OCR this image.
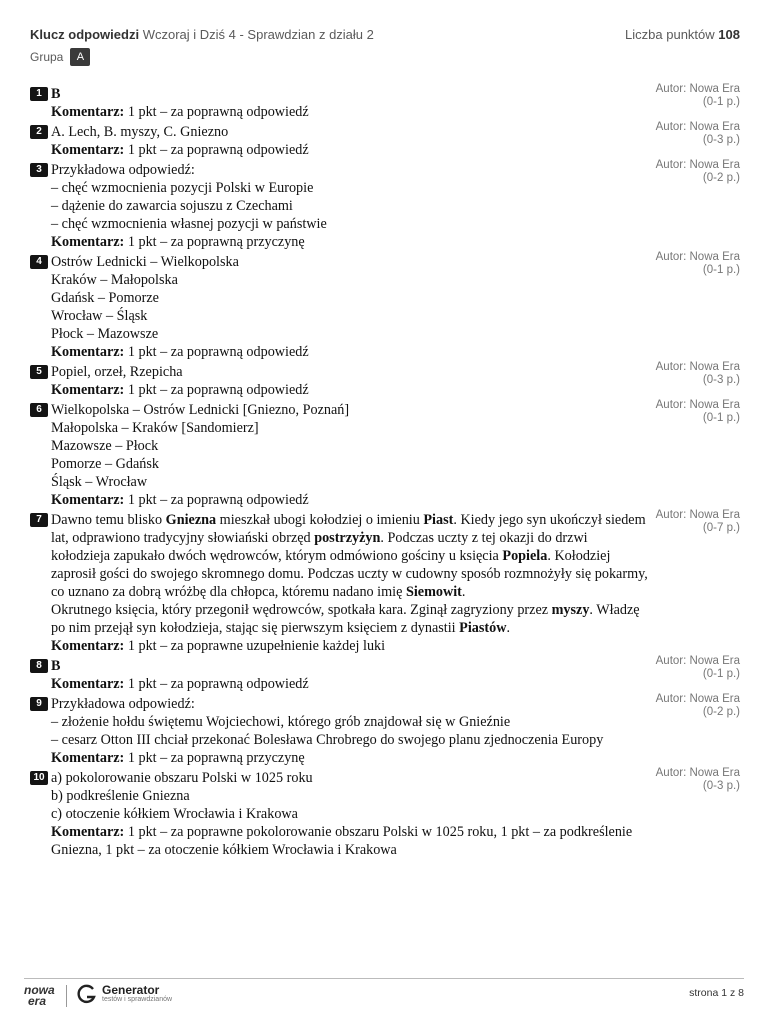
Klucz odpowiedzi Wczoraj i Dziś 4 - Sprawdzian z działu 2	Liczba punktów 108
Grupa	A
1	Autor: Nowa Era
(0-1 p.)
B
Komentarz: 1 pkt – za poprawną odpowiedź
2	Autor: Nowa Era
(0-3 p.)
A. Lech, B. myszy, C. Gniezno
Komentarz: 1 pkt – za poprawną odpowiedź
3	Autor: Nowa Era
(0-2 p.)
Przykładowa odpowiedź:
– chęć wzmocnienia pozycji Polski w Europie
– dążenie do zawarcia sojuszu z Czechami
– chęć wzmocnienia własnej pozycji w państwie
Komentarz: 1 pkt – za poprawną przyczynę
4	Autor: Nowa Era
(0-1 p.)
Ostrów Lednicki – Wielkopolska
Kraków – Małopolska
Gdańsk – Pomorze
Wrocław – Śląsk
Płock – Mazowsze
Komentarz: 1 pkt – za poprawną odpowiedź
5	Autor: Nowa Era
(0-3 p.)
Popiel, orzeł, Rzepicha
Komentarz: 1 pkt – za poprawną odpowiedź
6	Autor: Nowa Era
(0-1 p.)
Wielkopolska – Ostrów Lednicki [Gniezno, Poznań]
Małopolska – Kraków [Sandomierz]
Mazowsze – Płock
Pomorze – Gdańsk
Śląsk – Wrocław
Komentarz: 1 pkt – za poprawną odpowiedź
7	Autor: Nowa Era
(0-7 p.)
Dawno temu blisko Gniezna mieszkał ubogi kołodziej o imieniu Piast. Kiedy jego syn ukończył siedem lat, odprawiono tradycyjny słowiański obrzęd postrzyżyn. Podczas uczty z tej okazji do drzwi kołodzieja zapukało dwóch wędrowców, którym odmówiono gościny u księcia Popiela. Kołodziej zaprosił gości do swojego skromnego domu. Podczas uczty w cudowny sposób rozmnożyły się pokarmy, co uznano za dobrą wróżbę dla chłopca, któremu nadano imię Siemowit.
Okrutnego księcia, który przegonił wędrowców, spotkała kara. Zginął zagryziony przez myszy. Władzę po nim przejął syn kołodzieja, stając się pierwszym księciem z dynastii Piastów.
Komentarz: 1 pkt – za poprawne uzupełnienie każdej luki
8	Autor: Nowa Era
(0-1 p.)
B
Komentarz: 1 pkt – za poprawną odpowiedź
9	Autor: Nowa Era
(0-2 p.)
Przykładowa odpowiedź:
– złożenie hołdu świętemu Wojciechowi, którego grób znajdował się w Gnieźnie
– cesarz Otton III chciał przekonać Bolesława Chrobrego do swojego planu zjednoczenia Europy
Komentarz: 1 pkt – za poprawną przyczynę
10	Autor: Nowa Era
(0-3 p.)
a) pokolorowanie obszaru Polski w 1025 roku
b) podkreślenie Gniezna
c) otoczenie kółkiem Wrocławia i Krakowa
Komentarz: 1 pkt – za poprawne pokolorowanie obszaru Polski w 1025 roku, 1 pkt – za podkreślenie Gniezna, 1 pkt – za otoczenie kółkiem Wrocławia i Krakowa
nowa
era
Generator
testów i sprawdzianów
strona 1 z 8
